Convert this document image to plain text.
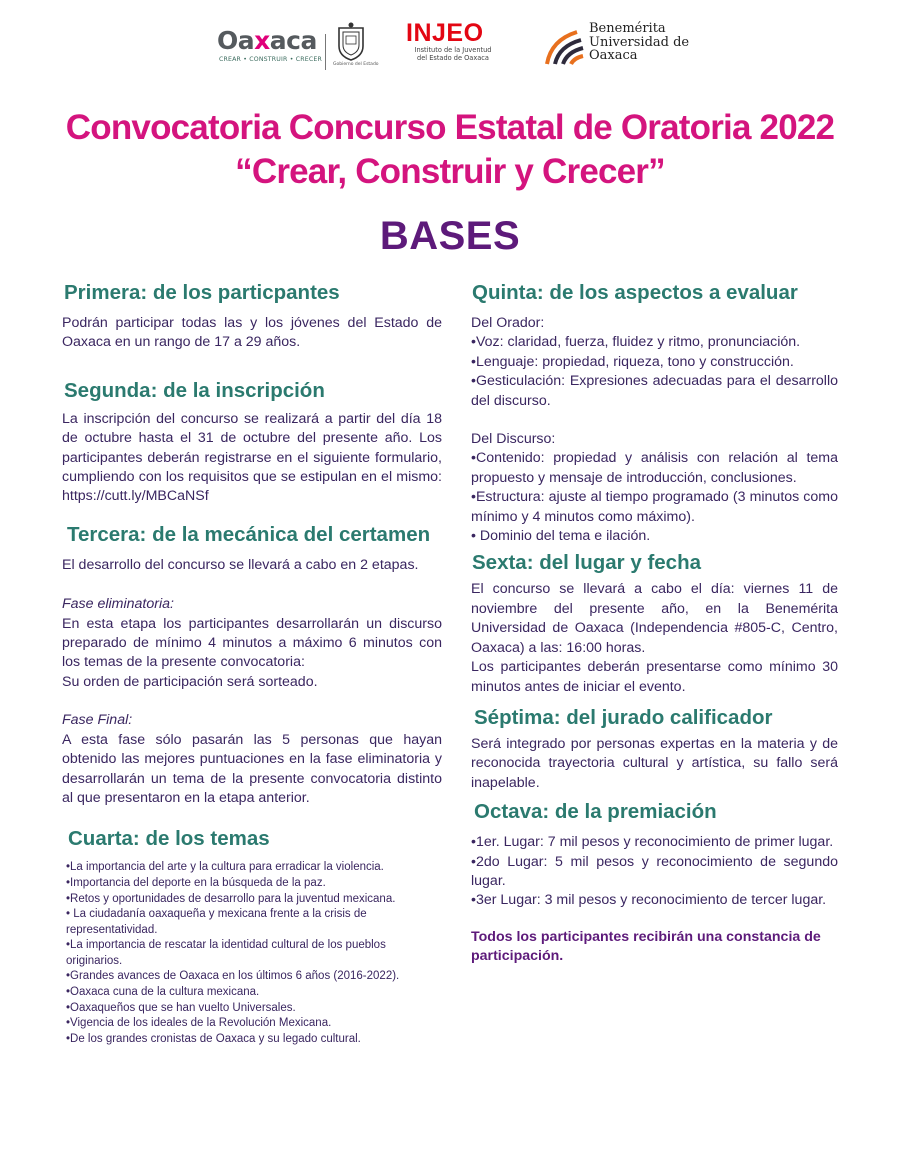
Oaxaca
CREAR • CONSTRUIR • CRECER
Gobierno del Estado
INJEO
Instituto de la Juventud
del Estado de Oaxaca
Benemérita
Universidad de
Oaxaca
Convocatoria Concurso Estatal de Oratoria 2022
“Crear, Construir y Crecer”
BASES
Primera: de los particpantes

Podrán participar todas las y los jóvenes del Estado de Oaxaca en un rango de 17 a 29 años.

Segunda: de la inscripción

La inscripción del concurso se realizará a partir del día 18 de octubre hasta el 31 de octubre del presente año. Los participantes deberán registrarse en el siguiente formulario, cumpliendo con los requisitos que se estipulan en el mismo: https://cutt.ly/MBCaNSf

Tercera: de la mecánica del certamen

El desarrollo del concurso se llevará a cabo en 2 etapas.

Fase eliminatoria:

En esta etapa los participantes desarrollarán un discurso preparado de mínimo 4 minutos a máximo 6 minutos con los temas de la presente convocatoria:

Su orden de participación será sorteado.

Fase Final:

A esta fase sólo pasarán las 5 personas que hayan obtenido las mejores puntuaciones en la fase eliminatoria y desarrollarán un tema de la presente convocatoria distinto al que presentaron en la etapa anterior.

Cuarta: de los temas

•La importancia del arte y la cultura para erradicar la violencia.

•Importancia del deporte en la búsqueda de la paz.

•Retos y oportunidades de desarrollo para la juventud mexicana.

• La ciudadanía oaxaqueña y mexicana frente a la crisis de representatividad.

•La importancia de rescatar la identidad cultural de los pueblos originarios.

•Grandes avances de Oaxaca en los últimos 6 años (2016-2022).

•Oaxaca cuna de la cultura mexicana.

•Oaxaqueños que se han vuelto Universales.

•Vigencia de los ideales de la Revolución Mexicana.

•De los grandes cronistas de Oaxaca y su legado cultural.

Quinta: de los aspectos a evaluar

Del Orador:

•Voz: claridad, fuerza, fluidez y ritmo, pronunciación.

•Lenguaje: propiedad, riqueza, tono y construcción.

•Gesticulación: Expresiones adecuadas para el desarrollo del discurso.

Del Discurso:

•Contenido: propiedad y análisis con relación al tema propuesto y mensaje de introducción, conclusiones.

•Estructura: ajuste al tiempo programado (3 minutos como mínimo y 4 minutos como máximo).

• Dominio del tema e ilación.

Sexta: del lugar y fecha

El concurso se llevará a cabo el día: viernes 11 de noviembre del presente año, en la Benemérita Universidad de Oaxaca (Independencia #805-C, Centro, Oaxaca) a las: 16:00 horas.

Los participantes deberán presentarse como mínimo 30 minutos antes de iniciar el evento.

Séptima: del jurado calificador

Será integrado por personas expertas en la materia y de reconocida trayectoria cultural y artística, su fallo será inapelable.

Octava: de la premiación

•1er. Lugar: 7 mil pesos y reconocimiento de primer lugar.

•2do Lugar: 5 mil pesos y reconocimiento de segundo lugar.

•3er Lugar: 3 mil pesos y reconocimiento de tercer lugar.

Todos los participantes recibirán una constancia de participación.
